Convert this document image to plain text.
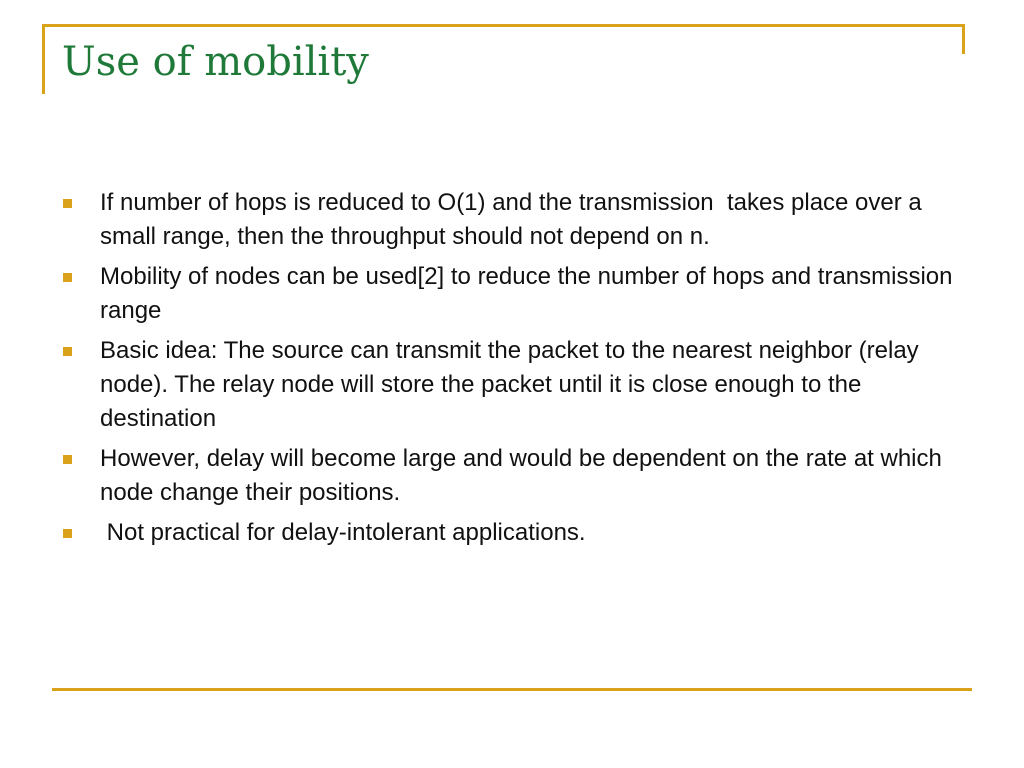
Use of mobility
If number of hops is reduced to O(1) and the transmission  takes place over a small range, then the throughput should not depend on n.
Mobility of nodes can be used[2] to reduce the number of hops and transmission range
Basic idea: The source can transmit the packet to the nearest neighbor (relay node). The relay node will store the packet until it is close enough to the destination
However, delay will become large and would be dependent on the rate at which node change their positions.
Not practical for delay-intolerant applications.
